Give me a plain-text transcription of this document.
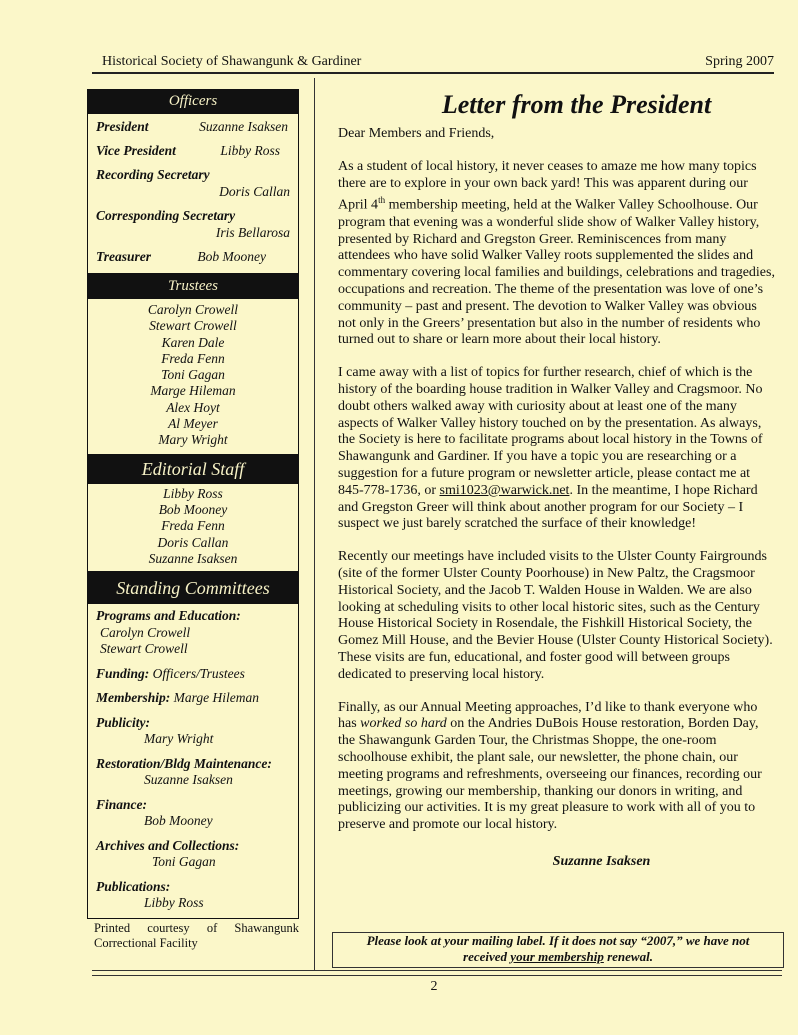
Historical Society of Shawangunk & Gardiner	Spring 2007
Officers
President	Suzanne Isaksen
Vice President	Libby Ross
Recording Secretary
Doris Callan
Corresponding Secretary
Iris Bellarosa
Treasurer	Bob Mooney
Trustees
Carolyn Crowell
Stewart Crowell
Karen Dale
Freda Fenn
Toni Gagan
Marge Hileman
Alex Hoyt
Al Meyer
Mary Wright
Editorial Staff
Libby Ross
Bob Mooney
Freda Fenn
Doris Callan
Suzanne Isaksen
Standing Committees
Programs and Education:
Carolyn Crowell
Stewart Crowell
Funding: Officers/Trustees
Membership: Marge Hileman
Publicity:
Mary Wright
Restoration/Bldg Maintenance:
Suzanne Isaksen
Finance:
Bob Mooney
Archives and Collections:
Toni Gagan
Publications:
Libby Ross
Printed courtesy of Shawangunk Correctional Facility
Letter from the President
Dear Members and Friends,
As a student of local history, it never ceases to amaze me how many topics there are to explore in your own back yard! This was apparent during our April 4th membership meeting, held at the Walker Valley Schoolhouse. Our program that evening was a wonderful slide show of Walker Valley history, presented by Richard and Gregston Greer. Reminiscences from many attendees who have solid Walker Valley roots supplemented the slides and commentary covering local families and buildings, celebrations and tragedies, occupations and recreation. The theme of the presentation was love of one’s community – past and present. The devotion to Walker Valley was obvious not only in the Greers’ presentation but also in the number of residents who turned out to share or learn more about their local history.
I came away with a list of topics for further research, chief of which is the history of the boarding house tradition in Walker Valley and Cragsmoor. No doubt others walked away with curiosity about at least one of the many aspects of Walker Valley history touched on by the presentation. As always, the Society is here to facilitate programs about local history in the Towns of Shawangunk and Gardiner. If you have a topic you are researching or a suggestion for a future program or newsletter article, please contact me at 845-778-1736, or smi1023@warwick.net. In the meantime, I hope Richard and Gregston Greer will think about another program for our Society – I suspect we just barely scratched the surface of their knowledge!
Recently our meetings have included visits to the Ulster County Fairgrounds (site of the former Ulster County Poorhouse) in New Paltz, the Cragsmoor Historical Society, and the Jacob T. Walden House in Walden. We are also looking at scheduling visits to other local historic sites, such as the Century House Historical Society in Rosendale, the Fishkill Historical Society, the Gomez Mill House, and the Bevier House (Ulster County Historical Society). These visits are fun, educational, and foster good will between groups dedicated to preserving local history.
Finally, as our Annual Meeting approaches, I’d like to thank everyone who has worked so hard on the Andries DuBois House restoration, Borden Day, the Shawangunk Garden Tour, the Christmas Shoppe, the one-room schoolhouse exhibit, the plant sale, our newsletter, the phone chain, our meeting programs and refreshments, overseeing our finances, recording our meetings, growing our membership, thanking our donors in writing, and publicizing our activities. It is my great pleasure to work with all of you to preserve and promote our local history.
Suzanne Isaksen
Please look at your mailing label. If it does not say “2007,” we have not
received your membership renewal.
2
